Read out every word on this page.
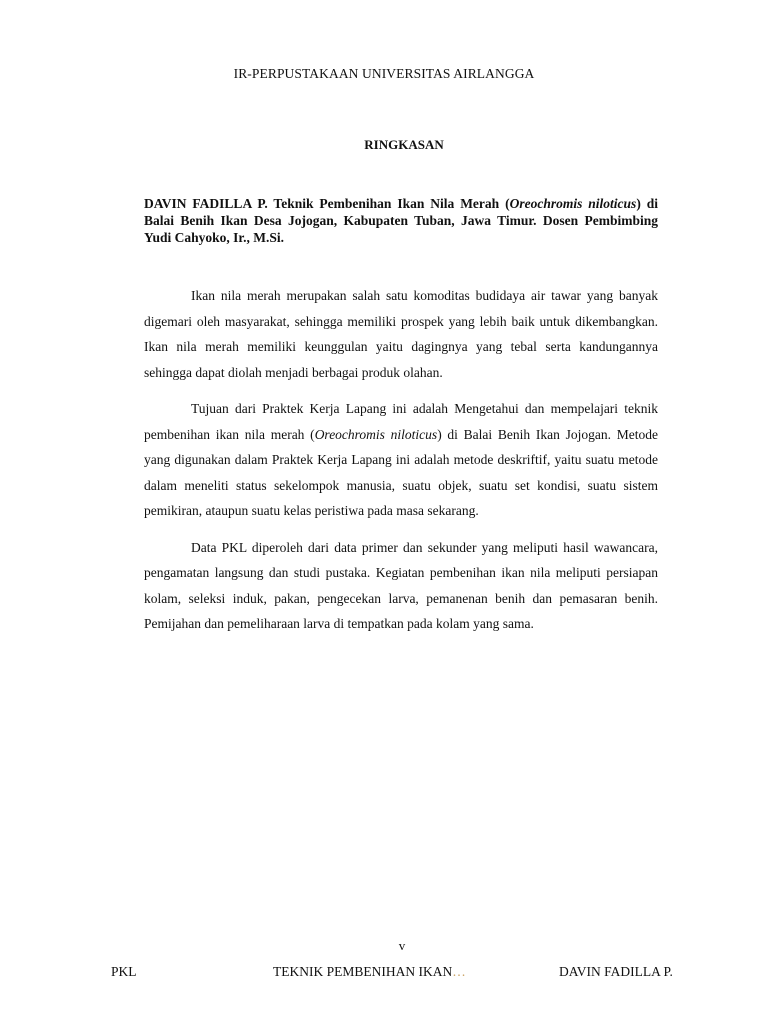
IR-PERPUSTAKAAN UNIVERSITAS AIRLANGGA
RINGKASAN
DAVIN FADILLA P. Teknik Pembenihan Ikan Nila Merah (Oreochromis niloticus) di Balai Benih Ikan Desa Jojogan, Kabupaten Tuban, Jawa Timur. Dosen Pembimbing Yudi Cahyoko, Ir., M.Si.

Ikan nila merah merupakan salah satu komoditas budidaya air tawar yang banyak digemari oleh masyarakat, sehingga memiliki prospek yang lebih baik untuk dikembangkan. Ikan nila merah memiliki keunggulan yaitu dagingnya yang tebal serta kandungannya sehingga dapat diolah menjadi berbagai produk olahan.

Tujuan dari Praktek Kerja Lapang ini adalah Mengetahui dan mempelajari teknik pembenihan ikan nila merah (Oreochromis niloticus) di Balai Benih Ikan Jojogan. Metode yang digunakan dalam Praktek Kerja Lapang ini adalah metode deskriftif, yaitu suatu metode dalam meneliti status sekelompok manusia, suatu objek, suatu set kondisi, suatu sistem pemikiran, ataupun suatu kelas peristiwa pada masa sekarang.

Data PKL diperoleh dari data primer dan sekunder yang meliputi hasil wawancara, pengamatan langsung dan studi pustaka. Kegiatan pembenihan ikan nila meliputi persiapan kolam, seleksi induk, pakan, pengecekan larva, pemanenan benih dan pemasaran benih. Pemijahan dan pemeliharaan larva di tempatkan pada kolam yang sama.

v
PKL	TEKNIK PEMBENIHAN IKAN…	DAVIN FADILLA P.
